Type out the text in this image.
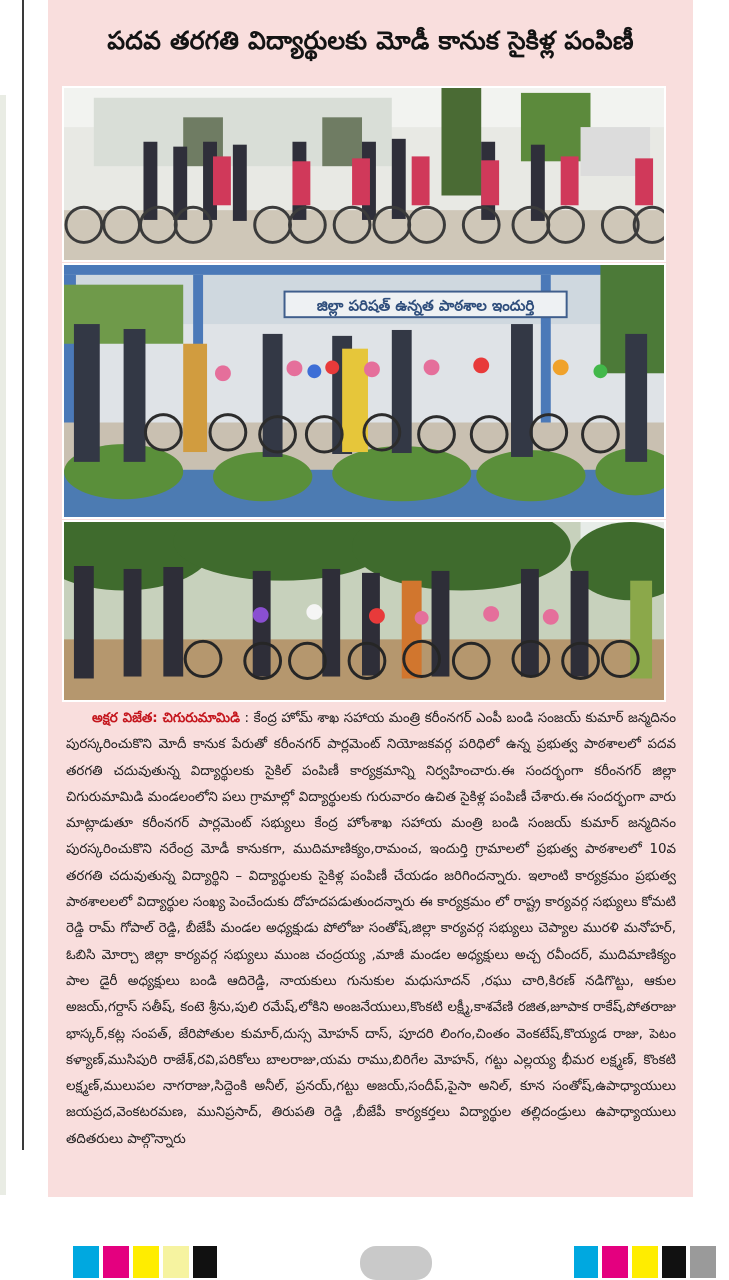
పదవ తరగతి విద్యార్థులకు మోడీ కానుక సైకిళ్ల పంపిణీ
జిల్లా పరిషత్ ఉన్నత పాఠశాల ఇందుర్తి
అక్షర విజేత: చిగురుమామిడి : కేంద్ర హోమ్ శాఖ సహాయ మంత్రి కరీంనగర్ ఎంపీ బండి సంజయ్ కుమార్ జన్మదినం పురస్కరించుకొని మోదీ కానుక పేరుతో కరీంనగర్ పార్లమెంట్ నియోజకవర్గ పరిధిలో ఉన్న ప్రభుత్వ పాఠశాలలో పదవ తరగతి చదువుతున్న విద్యార్థులకు సైకిల్ పంపిణీ కార్యక్రమాన్ని నిర్వహించారు.ఈ సందర్భంగా కరీంనగర్ జిల్లా చిగురుమామిడి మండలంలోని పలు గ్రామాల్లో విద్యార్థులకు గురువారం ఉచిత సైకిళ్ల పంపిణీ చేశారు.ఈ సందర్భంగా వారు మాట్లాడుతూ కరీంనగర్ పార్లమెంట్ సభ్యులు కేంద్ర హోంశాఖ సహాయ మంత్రి బండి సంజయ్ కుమార్ జన్మదినం పురస్కరించుకొని నరేంద్ర మోడీ కానుకగా, ముదిమాణిక్యం,రామంచ, ఇందుర్తి గ్రామాలలో ప్రభుత్వ పాఠశాలలో 10వ తరగతి చదువుతున్న విద్యార్థిని – విద్యార్థులకు సైకిళ్ల పంపిణీ చేయడం జరిగిందన్నారు. ఇలాంటి కార్యక్రమం ప్రభుత్వ పాఠశాలలలో విద్యార్థుల సంఖ్య పెంచేందుకు దోహదపడుతుందన్నారు ఈ కార్యక్రమం లో రాష్ట్ర కార్యవర్గ సభ్యులు కోమటి రెడ్డి రామ్ గోపాల్ రెడ్డి, బీజేపీ మండల అధ్యక్షుడు పోలోజు సంతోష్,జిల్లా కార్యవర్గ సభ్యులు చెప్యాల మురళి మనోహర్, ఓబిసి మోర్చా జిల్లా కార్యవర్గ సభ్యులు ముంజ చంద్రయ్య ,మాజీ మండల అధ్యక్షులు అచ్చ రవీందర్, ముదిమాణిక్యం పాల డైరీ అధ్యక్షులు బండి ఆదిరెడ్డి, నాయకులు గునుకుల మధుసూదన్ ,రఘు చారి,కిరణ్ నడిగొట్టు, ఆకుల అజయ్,గర్దాస్ సతీష్, కంటె శ్రీను,పులి రమేష్,లోకిని అంజనేయులు,కొంకటి లక్ష్మీ,కాశవేణి రజిత,జూపాక రాకేష్,పోతరాజు భాస్కర్,కట్ల సంపత్, జేరిపోతుల కుమార్,దుస్స మోహన్ దాస్, పూదరి లింగం,చింతం వెంకటేష్,కొయ్యడ రాజు, పెటం కళ్యాణ్,ముసిపురి రాజేశ్,రవి,పరికోలు బాలరాజు,యమ రాము,బిరిగేల మోహన్, గట్టు ఎల్లయ్య భీమర లక్ష్మణ్, కొంకటి లక్ష్మణ్,ములుపల నాగరాజు,సిద్దెంకి అనీల్, ప్రనయ్,గట్టు అజయ్,సందీప్,పైసా అనిల్, కూన సంతోష్,ఉపాధ్యాయులు జయప్రద,వెంకటరమణ, మునిప్రసాద్, తిరుపతి రెడ్డి ,బీజేపీ కార్యకర్తలు విద్యార్థుల తల్లిదండ్రులు ఉపాధ్యాయులు తదితరులు పాల్గొన్నారు
